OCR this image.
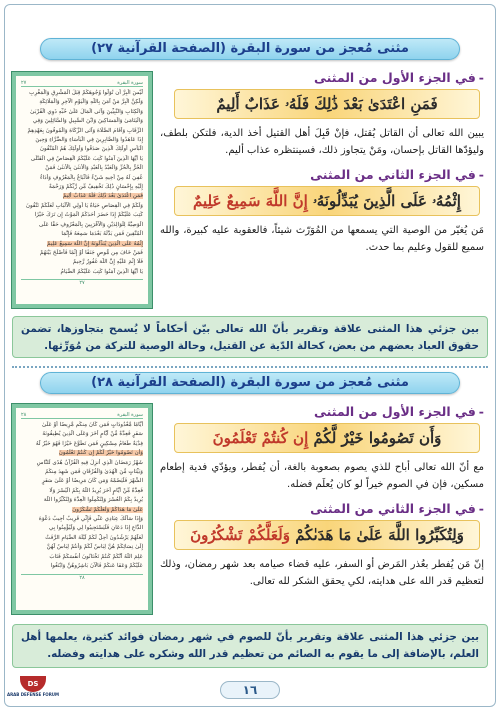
مثنى مُعجز من سورة البقرة (الصفحة القرآنية ٢٧)
سورة البقرة
٢٧
لَّيْسَ الْبِرَّ أَن تُوَلُّوا وُجُوهَكُمْ قِبَلَ الْمَشْرِقِ وَالْمَغْرِبِ
وَلَٰكِنَّ الْبِرَّ مَنْ آمَنَ بِاللَّهِ وَالْيَوْمِ الْآخِرِ وَالْمَلَائِكَةِ
وَالْكِتَابِ وَالنَّبِيِّينَ وَآتَى الْمَالَ عَلَىٰ حُبِّهِ ذَوِي الْقُرْبَىٰ
وَالْيَتَامَىٰ وَالْمَسَاكِينَ وَابْنَ السَّبِيلِ وَالسَّائِلِينَ وَفِي
الرِّقَابِ وَأَقَامَ الصَّلَاةَ وَآتَى الزَّكَاةَ وَالْمُوفُونَ بِعَهْدِهِمْ
إِذَا عَاهَدُوا وَالصَّابِرِينَ فِي الْبَأْسَاءِ وَالضَّرَّاءِ وَحِينَ
الْبَأْسِ أُولَٰئِكَ الَّذِينَ صَدَقُوا وَأُولَٰئِكَ هُمُ الْمُتَّقُونَ
يَا أَيُّهَا الَّذِينَ آمَنُوا كُتِبَ عَلَيْكُمُ الْقِصَاصُ فِي الْقَتْلَى
الْحُرُّ بِالْحُرِّ وَالْعَبْدُ بِالْعَبْدِ وَالْأُنثَىٰ بِالْأُنثَىٰ فَمَنْ
عُفِيَ لَهُ مِنْ أَخِيهِ شَيْءٌ فَاتِّبَاعٌ بِالْمَعْرُوفِ وَأَدَاءٌ
إِلَيْهِ بِإِحْسَانٍ ذَٰلِكَ تَخْفِيفٌ مِّن رَّبِّكُمْ وَرَحْمَةٌ
فَمَنِ اعْتَدَىٰ بَعْدَ ذَٰلِكَ فَلَهُ عَذَابٌ أَلِيمٌ
وَلَكُمْ فِي الْقِصَاصِ حَيَاةٌ يَا أُولِي الْأَلْبَابِ لَعَلَّكُمْ تَتَّقُونَ
كُتِبَ عَلَيْكُمْ إِذَا حَضَرَ أَحَدَكُمُ الْمَوْتُ إِن تَرَكَ خَيْرًا
الْوَصِيَّةُ لِلْوَالِدَيْنِ وَالْأَقْرَبِينَ بِالْمَعْرُوفِ حَقًّا عَلَى
الْمُتَّقِينَ فَمَن بَدَّلَهُ بَعْدَمَا سَمِعَهُ فَإِنَّمَا
إِثْمُهُ عَلَى الَّذِينَ يُبَدِّلُونَهُ إِنَّ اللَّهَ سَمِيعٌ عَلِيمٌ
فَمَنْ خَافَ مِن مُّوصٍ جَنَفًا أَوْ إِثْمًا فَأَصْلَحَ بَيْنَهُمْ
فَلَا إِثْمَ عَلَيْهِ إِنَّ اللَّهَ غَفُورٌ رَّحِيمٌ
يَا أَيُّهَا الَّذِينَ آمَنُوا كُتِبَ عَلَيْكُمُ الصِّيَامُ
٢٧
-في الجزء الأول من المثنى
فَمَنِ اعْتَدَىٰ بَعْدَ ذَٰلِكَ فَلَهُۥ عَذَابٌ أَلِيمٌ

يبين الله تعالى أن القاتل يُقتل، فإنْ قَبِلَ أهل القتيل أخذ الدية، فلتكن بلطف، وليؤدّها القاتل بإحسان، ومَنْ يتجاوز ذلك، فسينتظره عذاب أليم.

-في الجزء الثاني من المثنى
إِثْمُهُۥ عَلَى الَّذِينَ يُبَدِّلُونَهُۥ إِنَّ اللَّهَ سَمِيعٌ عَلِيمٌ

مَن يُغيّر من الوصية التي يسمعها من المُوَرّث شيئاً، فالعقوبة عليه كبيرة، والله سميع للقول وعليم بما حدث.

بين جزئي هذا المثنى علاقة وتقرير بأنّ الله تعالى بيّن أحكاماً لا يُسمح بتجاوزها، تضمن حقوق العباد بعضهم من بعض، كحالة الدّية عن القتيل، وحالة الوصية للتركة من مُوَرِّثها.
مثنى مُعجز من سورة البقرة (الصفحة القرآنية ٢٨)
سورة البقرة
٢٨
أَيَّامًا مَّعْدُودَاتٍ فَمَن كَانَ مِنكُم مَّرِيضًا أَوْ عَلَىٰ
سَفَرٍ فَعِدَّةٌ مِّنْ أَيَّامٍ أُخَرَ وَعَلَى الَّذِينَ يُطِيقُونَهُ
فِدْيَةٌ طَعَامُ مِسْكِينٍ فَمَن تَطَوَّعَ خَيْرًا فَهُوَ خَيْرٌ لَّهُ
وَأَن تَصُومُوا خَيْرٌ لَّكُمْ إِن كُنتُمْ تَعْلَمُونَ
شَهْرُ رَمَضَانَ الَّذِي أُنزِلَ فِيهِ الْقُرْآنُ هُدًى لِّلنَّاسِ
وَبَيِّنَاتٍ مِّنَ الْهُدَىٰ وَالْفُرْقَانِ فَمَن شَهِدَ مِنكُمُ
الشَّهْرَ فَلْيَصُمْهُ وَمَن كَانَ مَرِيضًا أَوْ عَلَىٰ سَفَرٍ
فَعِدَّةٌ مِّنْ أَيَّامٍ أُخَرَ يُرِيدُ اللَّهُ بِكُمُ الْيُسْرَ وَلَا
يُرِيدُ بِكُمُ الْعُسْرَ وَلِتُكْمِلُوا الْعِدَّةَ وَلِتُكَبِّرُوا اللَّهَ
عَلَىٰ مَا هَدَاكُمْ وَلَعَلَّكُمْ تَشْكُرُونَ
وَإِذَا سَأَلَكَ عِبَادِي عَنِّي فَإِنِّي قَرِيبٌ أُجِيبُ دَعْوَةَ
الدَّاعِ إِذَا دَعَانِ فَلْيَسْتَجِيبُوا لِي وَلْيُؤْمِنُوا بِي
لَعَلَّهُمْ يَرْشُدُونَ أُحِلَّ لَكُمْ لَيْلَةَ الصِّيَامِ الرَّفَثُ
إِلَىٰ نِسَائِكُمْ هُنَّ لِبَاسٌ لَّكُمْ وَأَنتُمْ لِبَاسٌ لَّهُنَّ
عَلِمَ اللَّهُ أَنَّكُمْ كُنتُمْ تَخْتَانُونَ أَنفُسَكُمْ فَتَابَ
عَلَيْكُمْ وَعَفَا عَنكُمْ فَالْآنَ بَاشِرُوهُنَّ وَابْتَغُوا
٢٨
-في الجزء الأول من المثنى
وَأَن تَصُومُوا خَيْرٌ لَّكُمْ إِن كُنتُمْ تَعْلَمُونَ

مع أنّ الله تعالى أباح للذي يصوم بصعوبة بالغة، أن يُفطر، ويؤدّي فدية إطعام مسكين، فإن في الصوم خيراً لو كان يُعلَم فضله.

-في الجزء الثاني من المثنى
وَلِتُكَبِّرُوا اللَّهَ عَلَىٰ مَا هَدَىٰكُمْ وَلَعَلَّكُمْ تَشْكُرُونَ

إنّ مَن يُفطر بعُذر المَرض أو السفر، عليه قضاء صيامه بعد شهر رمضان، وذلك لتعظيم قدر الله على هدايته، لكي يحقق الشكر لله تعالى.

بين جزئي هذا المثنى علاقة وتقرير بأنّ للصوم في شهر رمضان فوائد كثيرة، يعلمها أهل العلم، بالإضافة إلى ما يقوم به الصائم من تعظيم قدر الله وشكره على هدايته وفضله.
١٦
DS
ARAB DEFENSE FORUM
